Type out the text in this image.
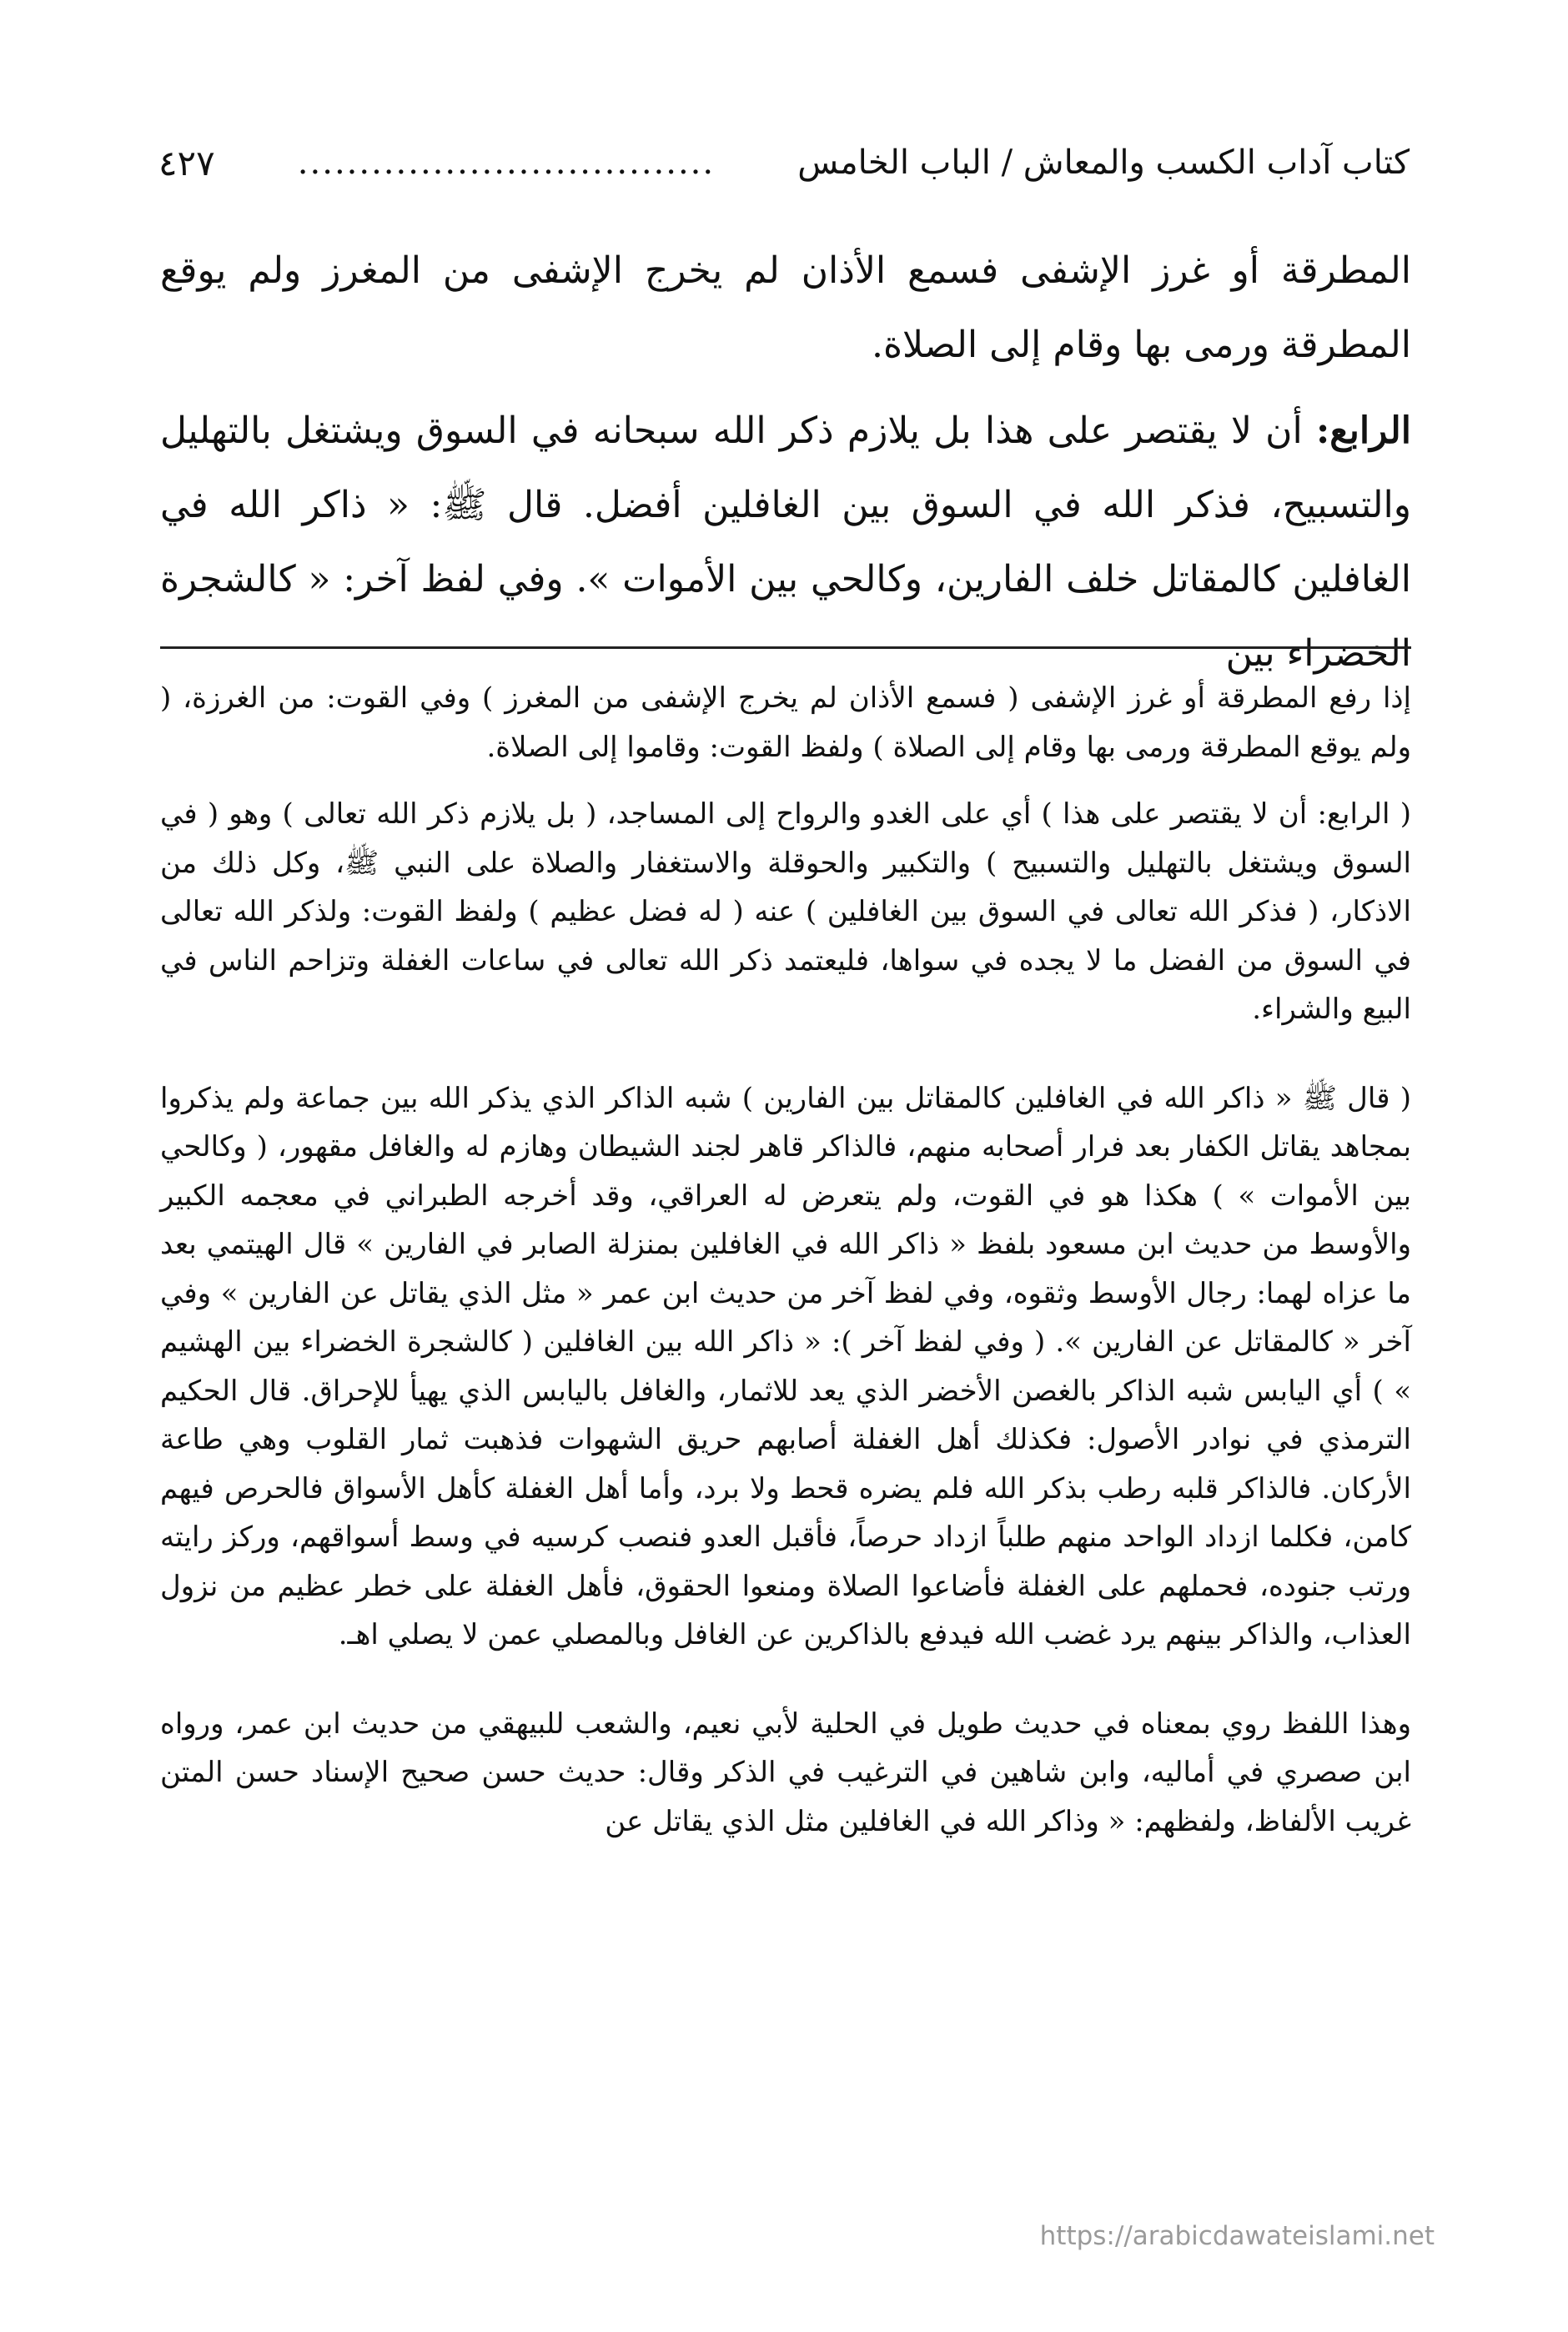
كتاب آداب الكسب والمعاش / الباب الخامس
..................................
٤٢٧

المطرقة أو غرز الإشفى فسمع الأذان لم يخرج الإشفى من المغرز ولم يوقع المطرقة ورمى بها وقام إلى الصلاة.

الرابع: أن لا يقتصر على هذا بل يلازم ذكر الله سبحانه في السوق ويشتغل بالتهليل والتسبيح، فذكر الله في السوق بين الغافلين أفضل. قال ﷺ: « ذاكر الله في الغافلين كالمقاتل خلف الفارين، وكالحي بين الأموات ». وفي لفظ آخر: « كالشجرة الخضراء بين

إذا رفع المطرقة أو غرز الإشفى ( فسمع الأذان لم يخرج الإشفى من المغرز ) وفي القوت: من الغرزة، ( ولم يوقع المطرقة ورمى بها وقام إلى الصلاة ) ولفظ القوت: وقاموا إلى الصلاة.

( الرابع: أن لا يقتصر على هذا ) أي على الغدو والرواح إلى المساجد، ( بل يلازم ذكر الله تعالى ) وهو ( في السوق ويشتغل بالتهليل والتسبيح ) والتكبير والحوقلة والاستغفار والصلاة على النبي ﷺ، وكل ذلك من الاذكار، ( فذكر الله تعالى في السوق بين الغافلين ) عنه ( له فضل عظيم ) ولفظ القوت: ولذكر الله تعالى في السوق من الفضل ما لا يجده في سواها، فليعتمد ذكر الله تعالى في ساعات الغفلة وتزاحم الناس في البيع والشراء.

( قال ﷺ « ذاكر الله في الغافلين كالمقاتل بين الفارين ) شبه الذاكر الذي يذكر الله بين جماعة ولم يذكروا بمجاهد يقاتل الكفار بعد فرار أصحابه منهم، فالذاكر قاهر لجند الشيطان وهازم له والغافل مقهور، ( وكالحي بين الأموات » ) هكذا هو في القوت، ولم يتعرض له العراقي، وقد أخرجه الطبراني في معجمه الكبير والأوسط من حديث ابن مسعود بلفظ « ذاكر الله في الغافلين بمنزلة الصابر في الفارين » قال الهيتمي بعد ما عزاه لهما: رجال الأوسط وثقوه، وفي لفظ آخر من حديث ابن عمر « مثل الذي يقاتل عن الفارين » وفي آخر « كالمقاتل عن الفارين ». ( وفي لفظ آخر ): « ذاكر الله بين الغافلين ( كالشجرة الخضراء بين الهشيم » ) أي اليابس شبه الذاكر بالغصن الأخضر الذي يعد للاثمار، والغافل باليابس الذي يهيأ للإحراق. قال الحكيم الترمذي في نوادر الأصول: فكذلك أهل الغفلة أصابهم حريق الشهوات فذهبت ثمار القلوب وهي طاعة الأركان. فالذاكر قلبه رطب بذكر الله فلم يضره قحط ولا برد، وأما أهل الغفلة كأهل الأسواق فالحرص فيهم كامن، فكلما ازداد الواحد منهم طلباً ازداد حرصاً، فأقبل العدو فنصب كرسيه في وسط أسواقهم، وركز رايته ورتب جنوده، فحملهم على الغفلة فأضاعوا الصلاة ومنعوا الحقوق، فأهل الغفلة على خطر عظيم من نزول العذاب، والذاكر بينهم يرد غضب الله فيدفع بالذاكرين عن الغافل وبالمصلي عمن لا يصلي اهـ.

وهذا اللفظ روي بمعناه في حديث طويل في الحلية لأبي نعيم، والشعب للبيهقي من حديث ابن عمر، ورواه ابن صصري في أماليه، وابن شاهين في الترغيب في الذكر وقال: حديث حسن صحيح الإسناد حسن المتن غريب الألفاظ، ولفظهم: « وذاكر الله في الغافلين مثل الذي يقاتل عن

https://arabicdawateislami.net
